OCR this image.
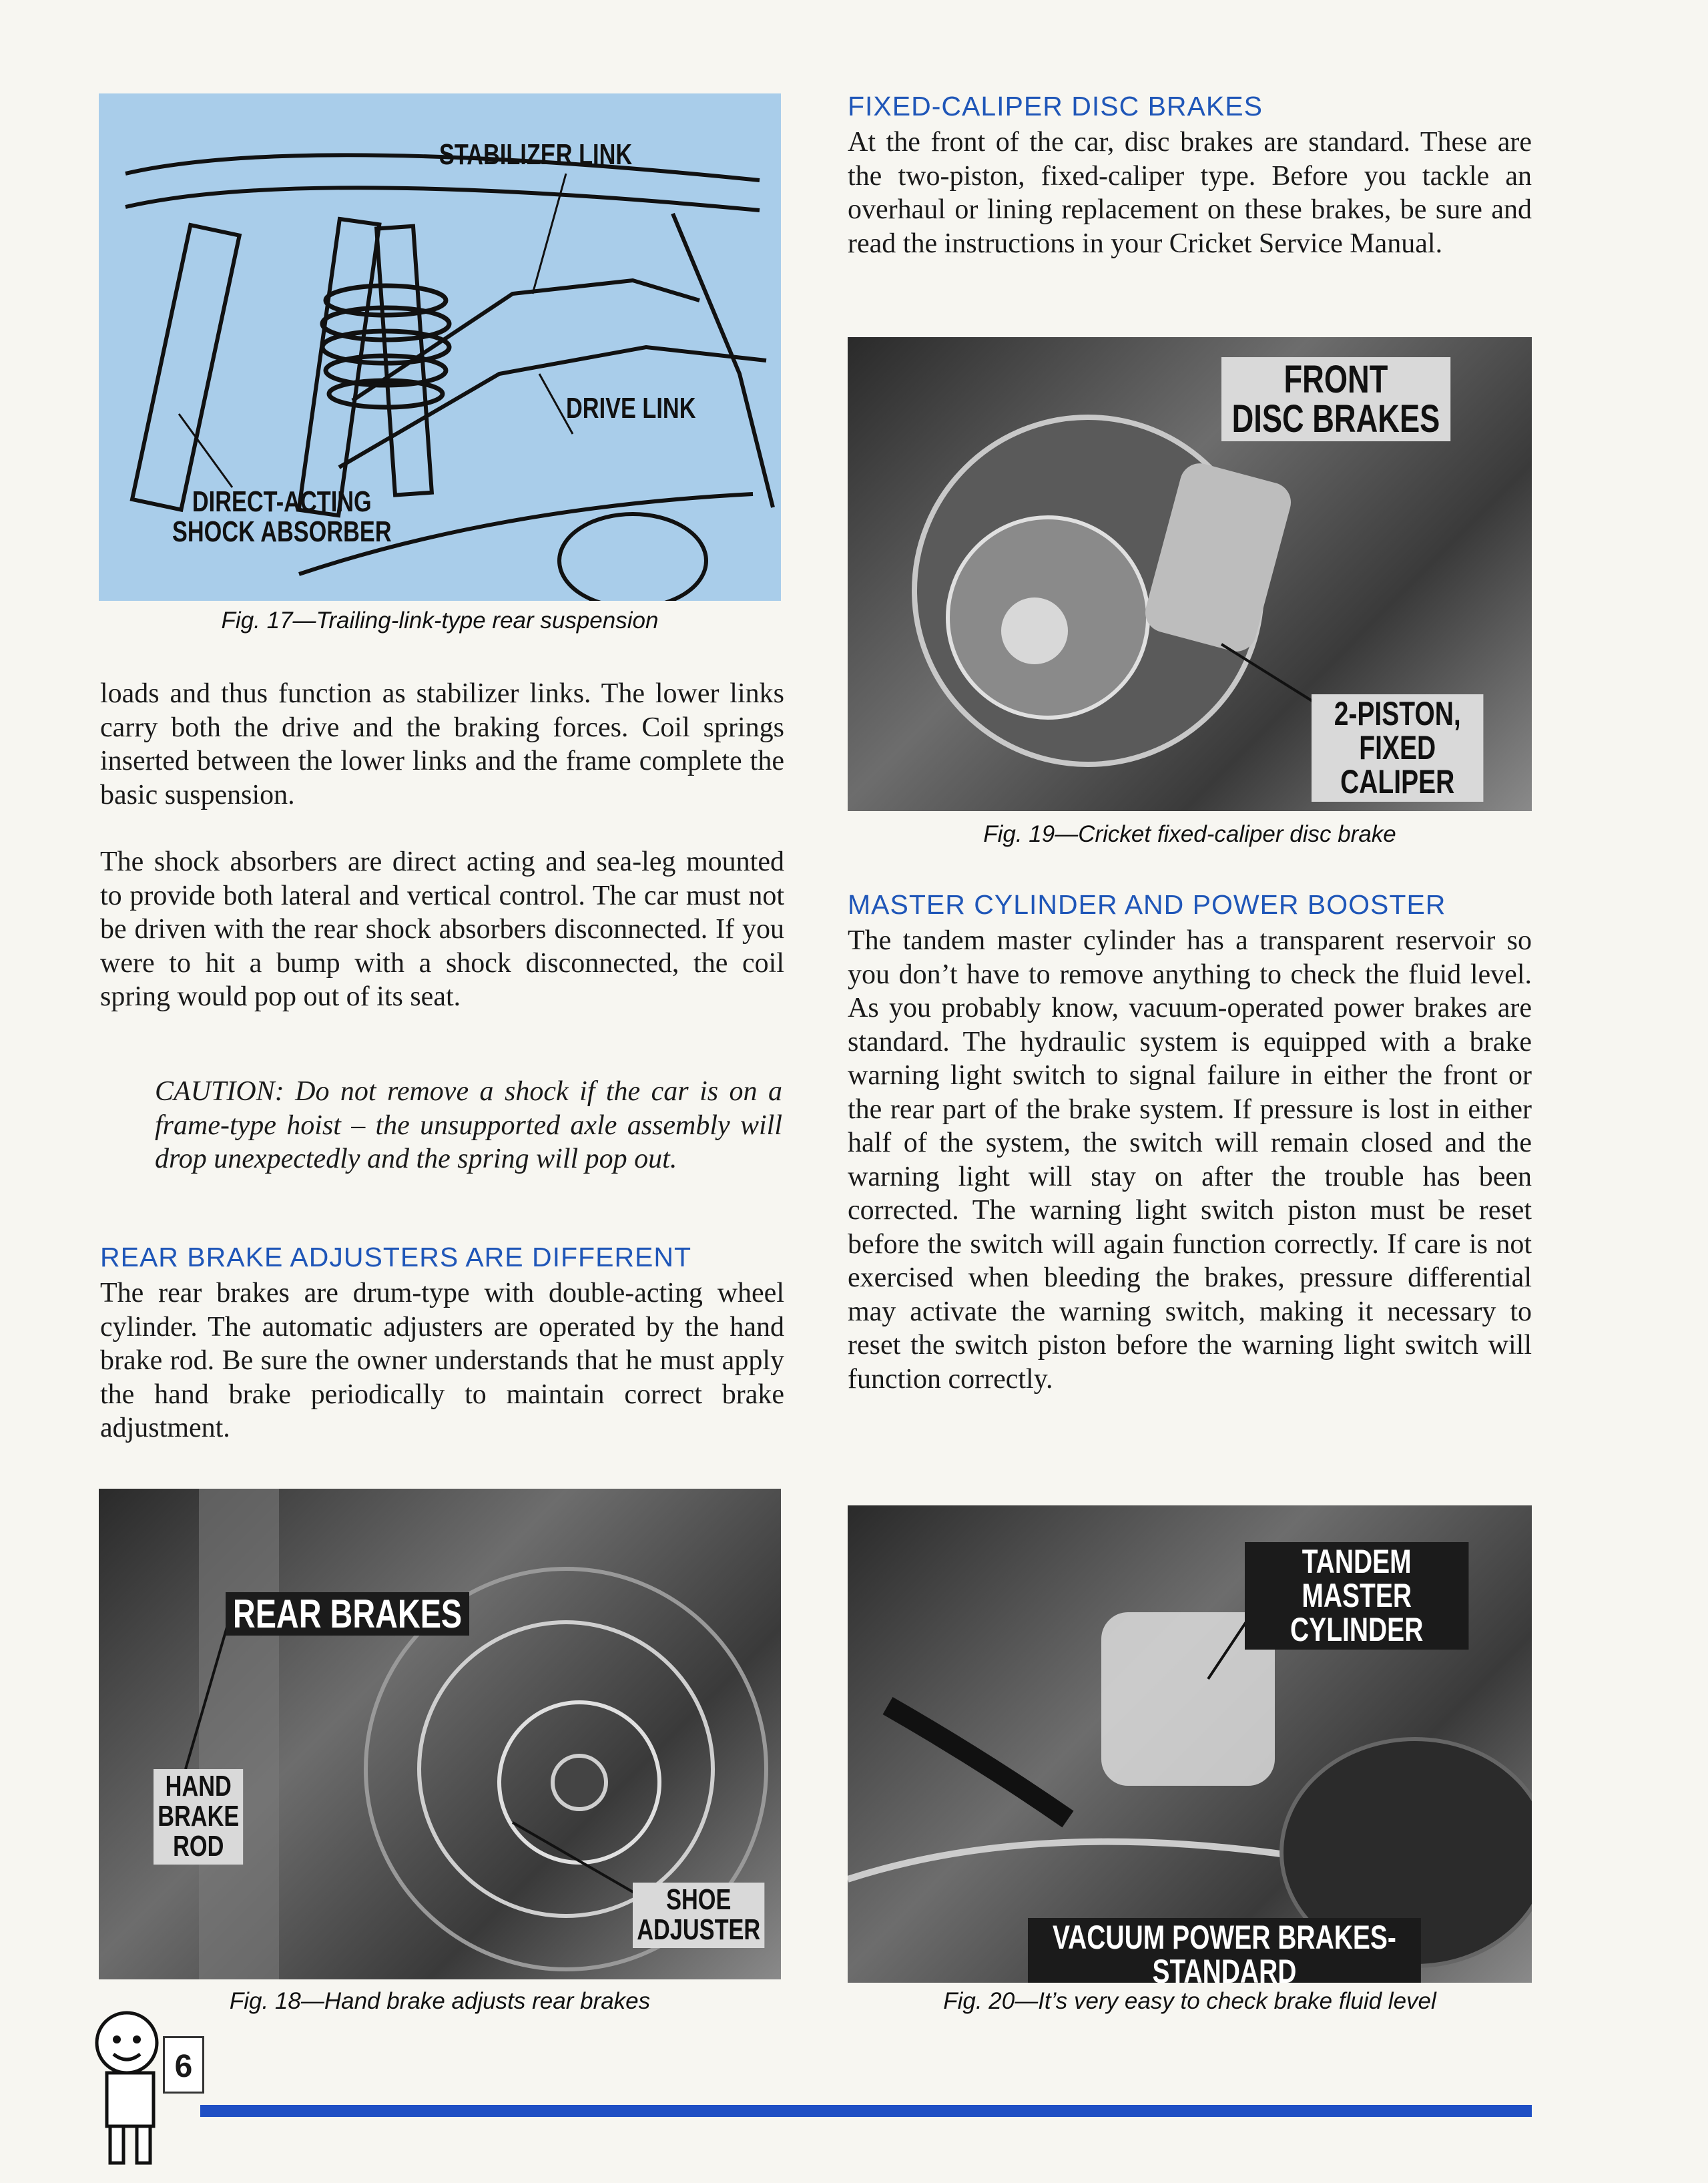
STABILIZER LINK
DRIVE LINK
DIRECT-ACTING
SHOCK ABSORBER
Fig. 17—Trailing-link-type rear suspension

loads and thus function as stabilizer links. The lower links carry both the drive and the braking forces. Coil springs inserted between the lower links and the frame complete the basic suspension.

The shock absorbers are direct acting and sea-leg mounted to provide both lateral and vertical control. The car must not be driven with the rear shock absorbers disconnected. If you were to hit a bump with a shock disconnected, the coil spring would pop out of its seat.

CAUTION: Do not remove a shock if the car is on a frame-type hoist – the unsupported axle assembly will drop unexpectedly and the spring will pop out.

REAR BRAKE ADJUSTERS ARE DIFFERENT

The rear brakes are drum-type with double-acting wheel cylinder. The automatic adjusters are operated by the hand brake rod. Be sure the owner understands that he must apply the hand brake periodically to maintain correct brake adjustment.

REAR BRAKES
HAND
BRAKE
ROD
SHOE
ADJUSTER
Fig. 18—Hand brake adjusts rear brakes
FIXED-CALIPER DISC BRAKES

At the front of the car, disc brakes are standard. These are the two-piston, fixed-caliper type. Before you tackle an overhaul or lining replacement on these brakes, be sure and read the instructions in your Cricket Service Manual.

FRONT
DISC BRAKES
2-PISTON,
FIXED CALIPER
Fig. 19—Cricket fixed-caliper disc brake
MASTER CYLINDER AND POWER BOOSTER

The tandem master cylinder has a transparent reservoir so you don’t have to remove anything to check the fluid level. As you probably know, vacuum-operated power brakes are standard. The hydraulic system is equipped with a brake warning light switch to signal failure in either the front or the rear part of the brake system. If pressure is lost in either half of the system, the switch will remain closed and the warning light will stay on after the trouble has been corrected. The warning light switch piston must be reset before the switch will again function correctly. If care is not exercised when bleeding the brakes, pressure differential may activate the warning switch, making it necessary to reset the switch piston before the warning light switch will function correctly.

TANDEM
MASTER CYLINDER
VACUUM POWER BRAKES-STANDARD
Fig. 20—It’s very easy to check brake fluid level
6
